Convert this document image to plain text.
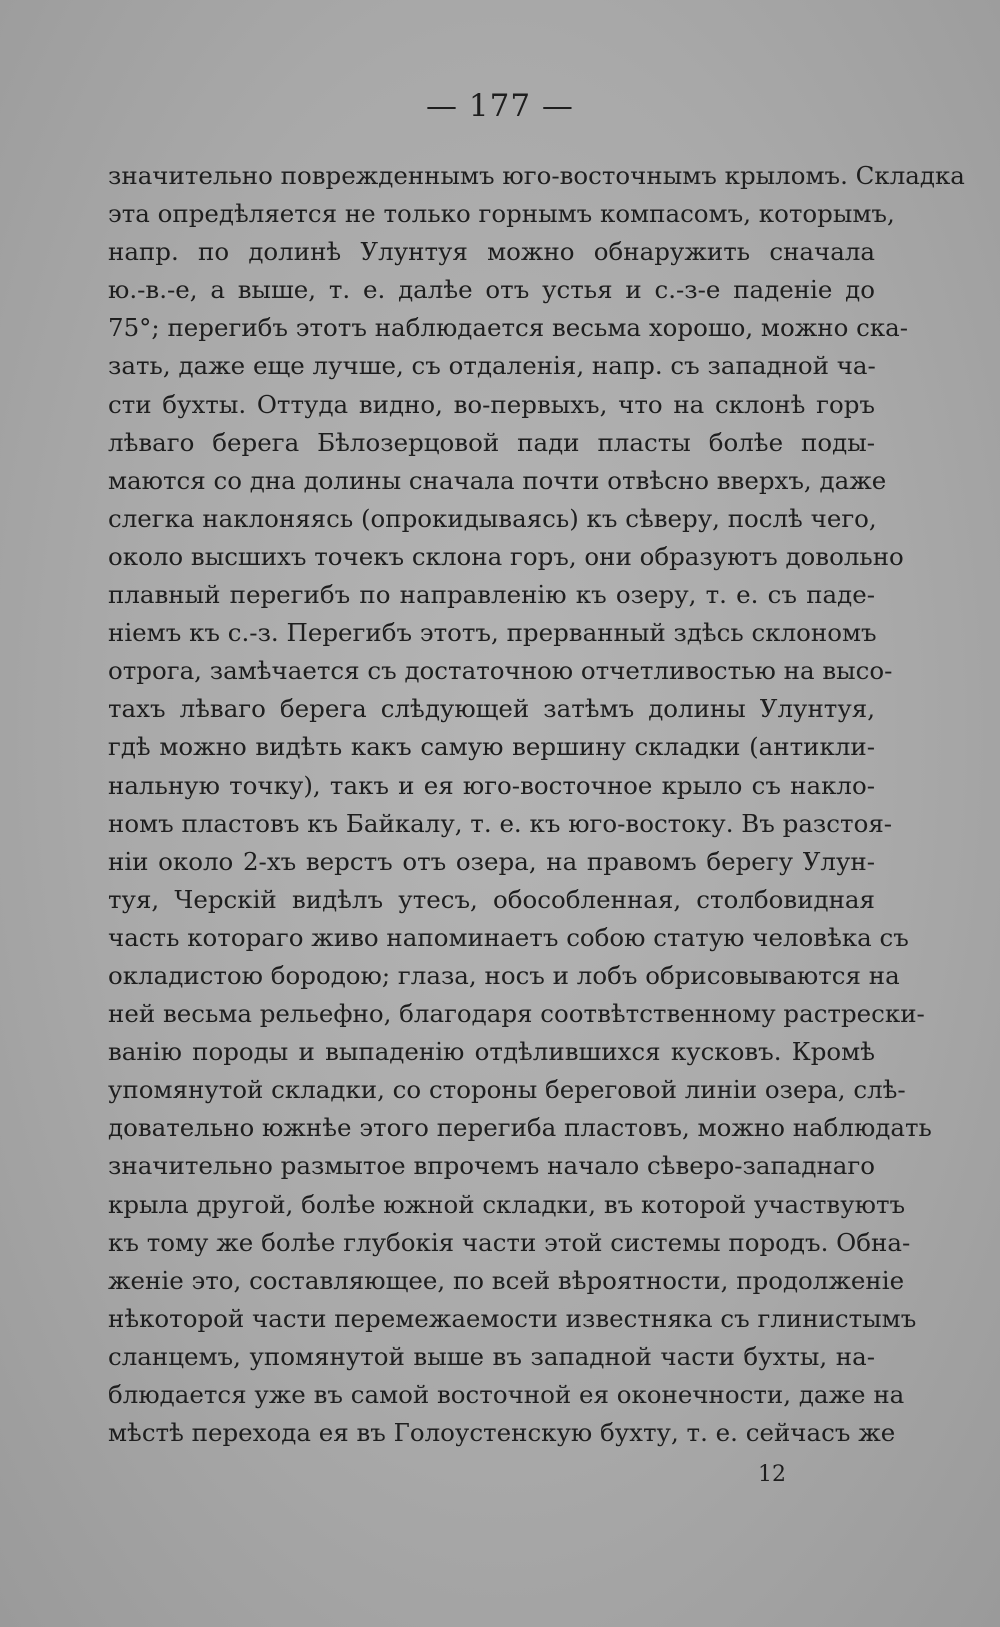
— 177 —
значительно поврежденнымъ юго-восточнымъ крыломъ. Складка
эта опредѣляется не только горнымъ компасомъ, которымъ,
напр. по долинѣ Улунтуя можно обнаружить сначала
ю.-в.-е, а выше, т. е. далѣе отъ устья и с.-з-е паденіе до
75°; перегибъ этотъ наблюдается весьма хорошо, можно ска-
зать, даже еще лучше, съ отдаленія, напр. съ западной ча-
сти бухты. Оттуда видно, во-первыхъ, что на склонѣ горъ
лѣваго берега Бѣлозерцовой пади пласты болѣе поды-
маются со дна долины сначала почти отвѣсно вверхъ, даже
слегка наклоняясь (опрокидываясь) къ сѣверу, послѣ чего,
около высшихъ точекъ склона горъ, они образуютъ довольно
плавный перегибъ по направленію къ озеру, т. е. съ паде-
ніемъ къ с.-з. Перегибъ этотъ, прерванный здѣсь склономъ
отрога, замѣчается съ достаточною отчетливостью на высо-
тахъ лѣваго берега слѣдующей затѣмъ долины Улунтуя,
гдѣ можно видѣть какъ самую вершину складки (антикли-
нальную точку), такъ и ея юго-восточное крыло съ накло-
номъ пластовъ къ Байкалу, т. е. къ юго-востоку. Въ разстоя-
ніи около 2-хъ верстъ отъ озера, на правомъ берегу Улун-
туя, Черскій видѣлъ утесъ, обособленная, столбовидная
часть котораго живо напоминаетъ собою статую человѣка съ
окладистою бородою; глаза, носъ и лобъ обрисовываются на
ней весьма рельефно, благодаря соотвѣтственному растрески-
ванію породы и выпаденію отдѣлившихся кусковъ. Кромѣ
упомянутой складки, со стороны береговой линіи озера, слѣ-
довательно южнѣе этого перегиба пластовъ, можно наблюдать
значительно размытое впрочемъ начало сѣверо-западнаго
крыла другой, болѣе южной складки, въ которой участвуютъ
къ тому же болѣе глубокія части этой системы породъ. Обна-
женіе это, составляющее, по всей вѣроятности, продолженіе
нѣкоторой части перемежаемости известняка съ глинистымъ
сланцемъ, упомянутой выше въ западной части бухты, на-
блюдается уже въ самой восточной ея оконечности, даже на
мѣстѣ перехода ея въ Голоустенскую бухту, т. е. сейчасъ же
12
